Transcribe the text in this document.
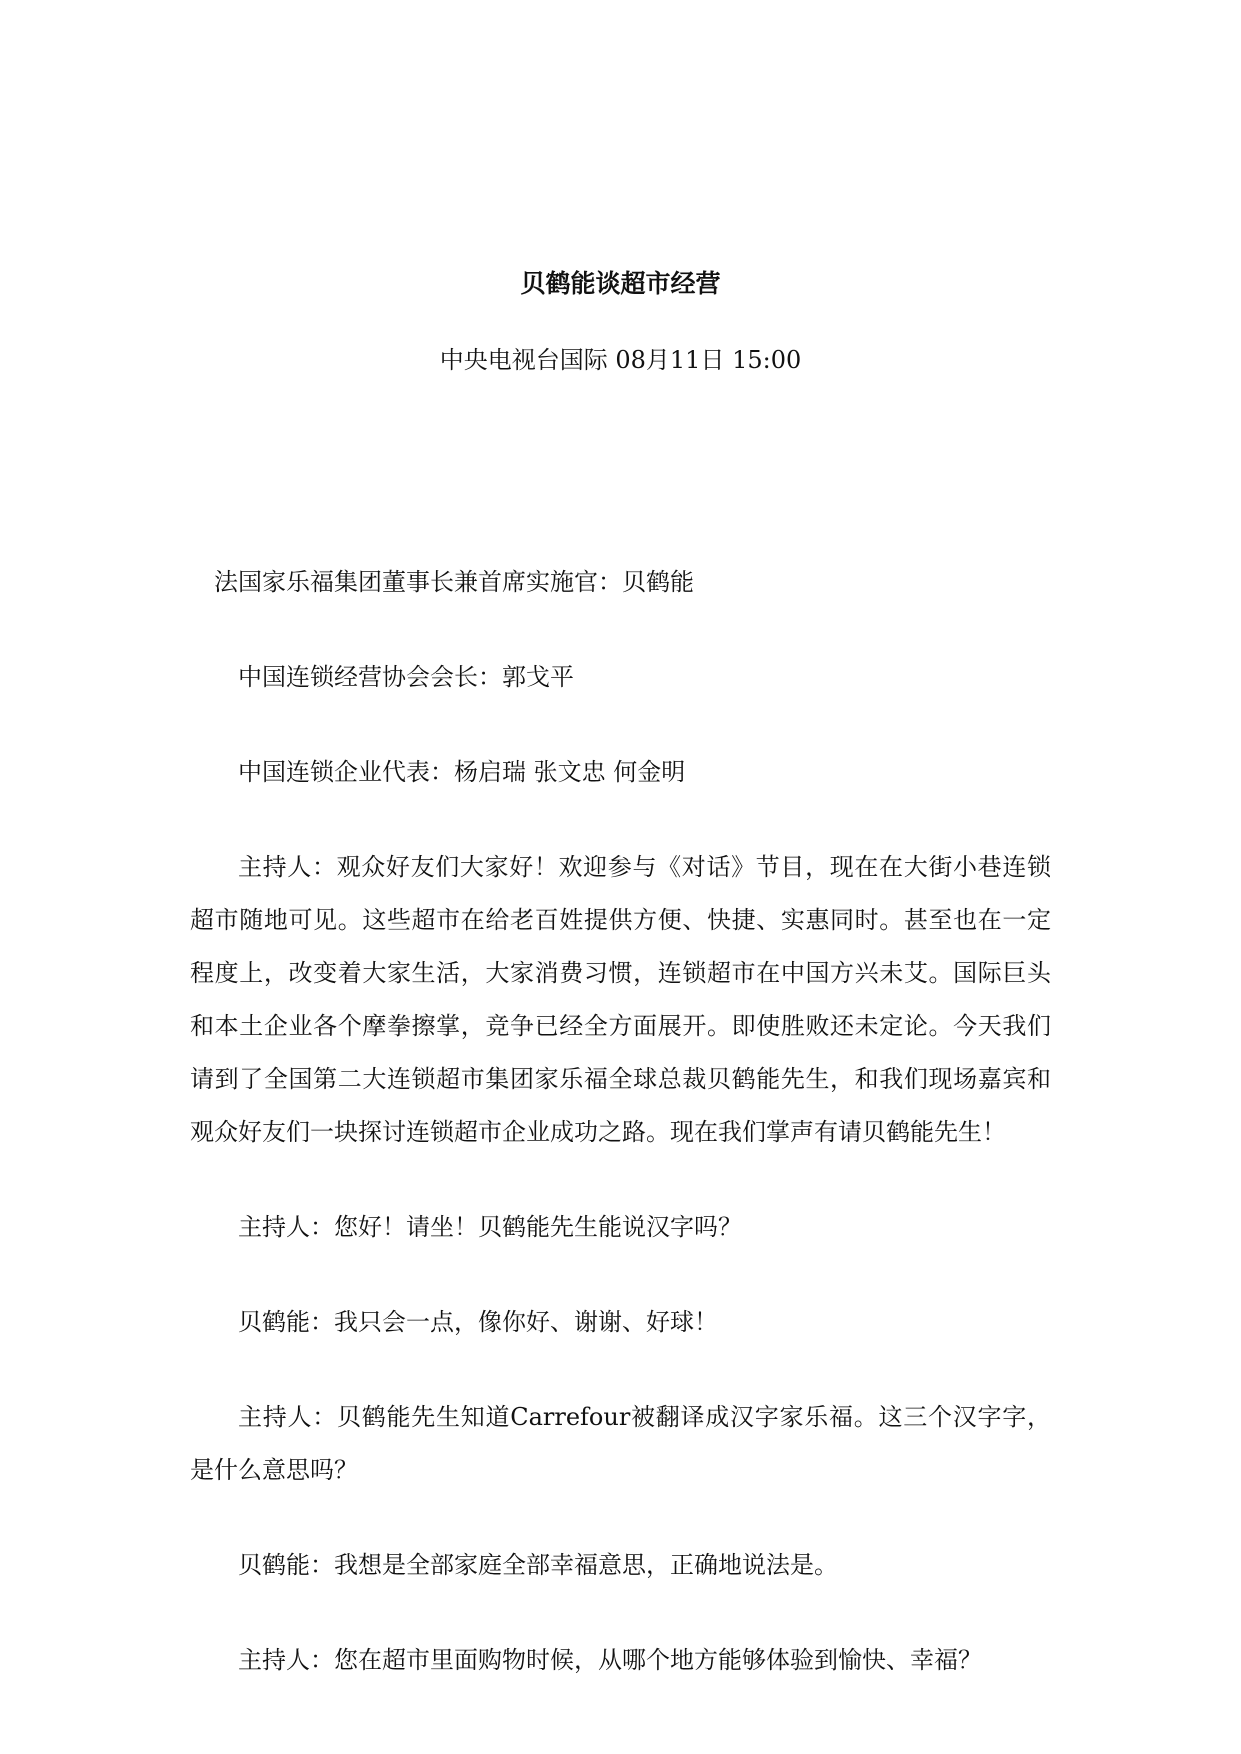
贝鹤能谈超市经营

中央电视台国际 08月11日 15:00

法国家乐福集团董事长兼首席实施官：贝鹤能

中国连锁经营协会会长：郭戈平

中国连锁企业代表：杨启瑞 张文忠 何金明

主持人：观众好友们大家好！欢迎参与《对话》节目，现在在大街小巷连锁超市随地可见。这些超市在给老百姓提供方便、快捷、实惠同时。甚至也在一定程度上，改变着大家生活，大家消费习惯，连锁超市在中国方兴未艾。国际巨头和本土企业各个摩拳擦掌，竞争已经全方面展开。即使胜败还未定论。今天我们请到了全国第二大连锁超市集团家乐福全球总裁贝鹤能先生，和我们现场嘉宾和观众好友们一块探讨连锁超市企业成功之路。现在我们掌声有请贝鹤能先生！

主持人：您好！请坐！贝鹤能先生能说汉字吗？

贝鹤能：我只会一点，像你好、谢谢、好球！

主持人：贝鹤能先生知道Carrefour被翻译成汉字家乐福。这三个汉字字，是什么意思吗？

贝鹤能：我想是全部家庭全部幸福意思，正确地说法是。

主持人：您在超市里面购物时候，从哪个地方能够体验到愉快、幸福？
